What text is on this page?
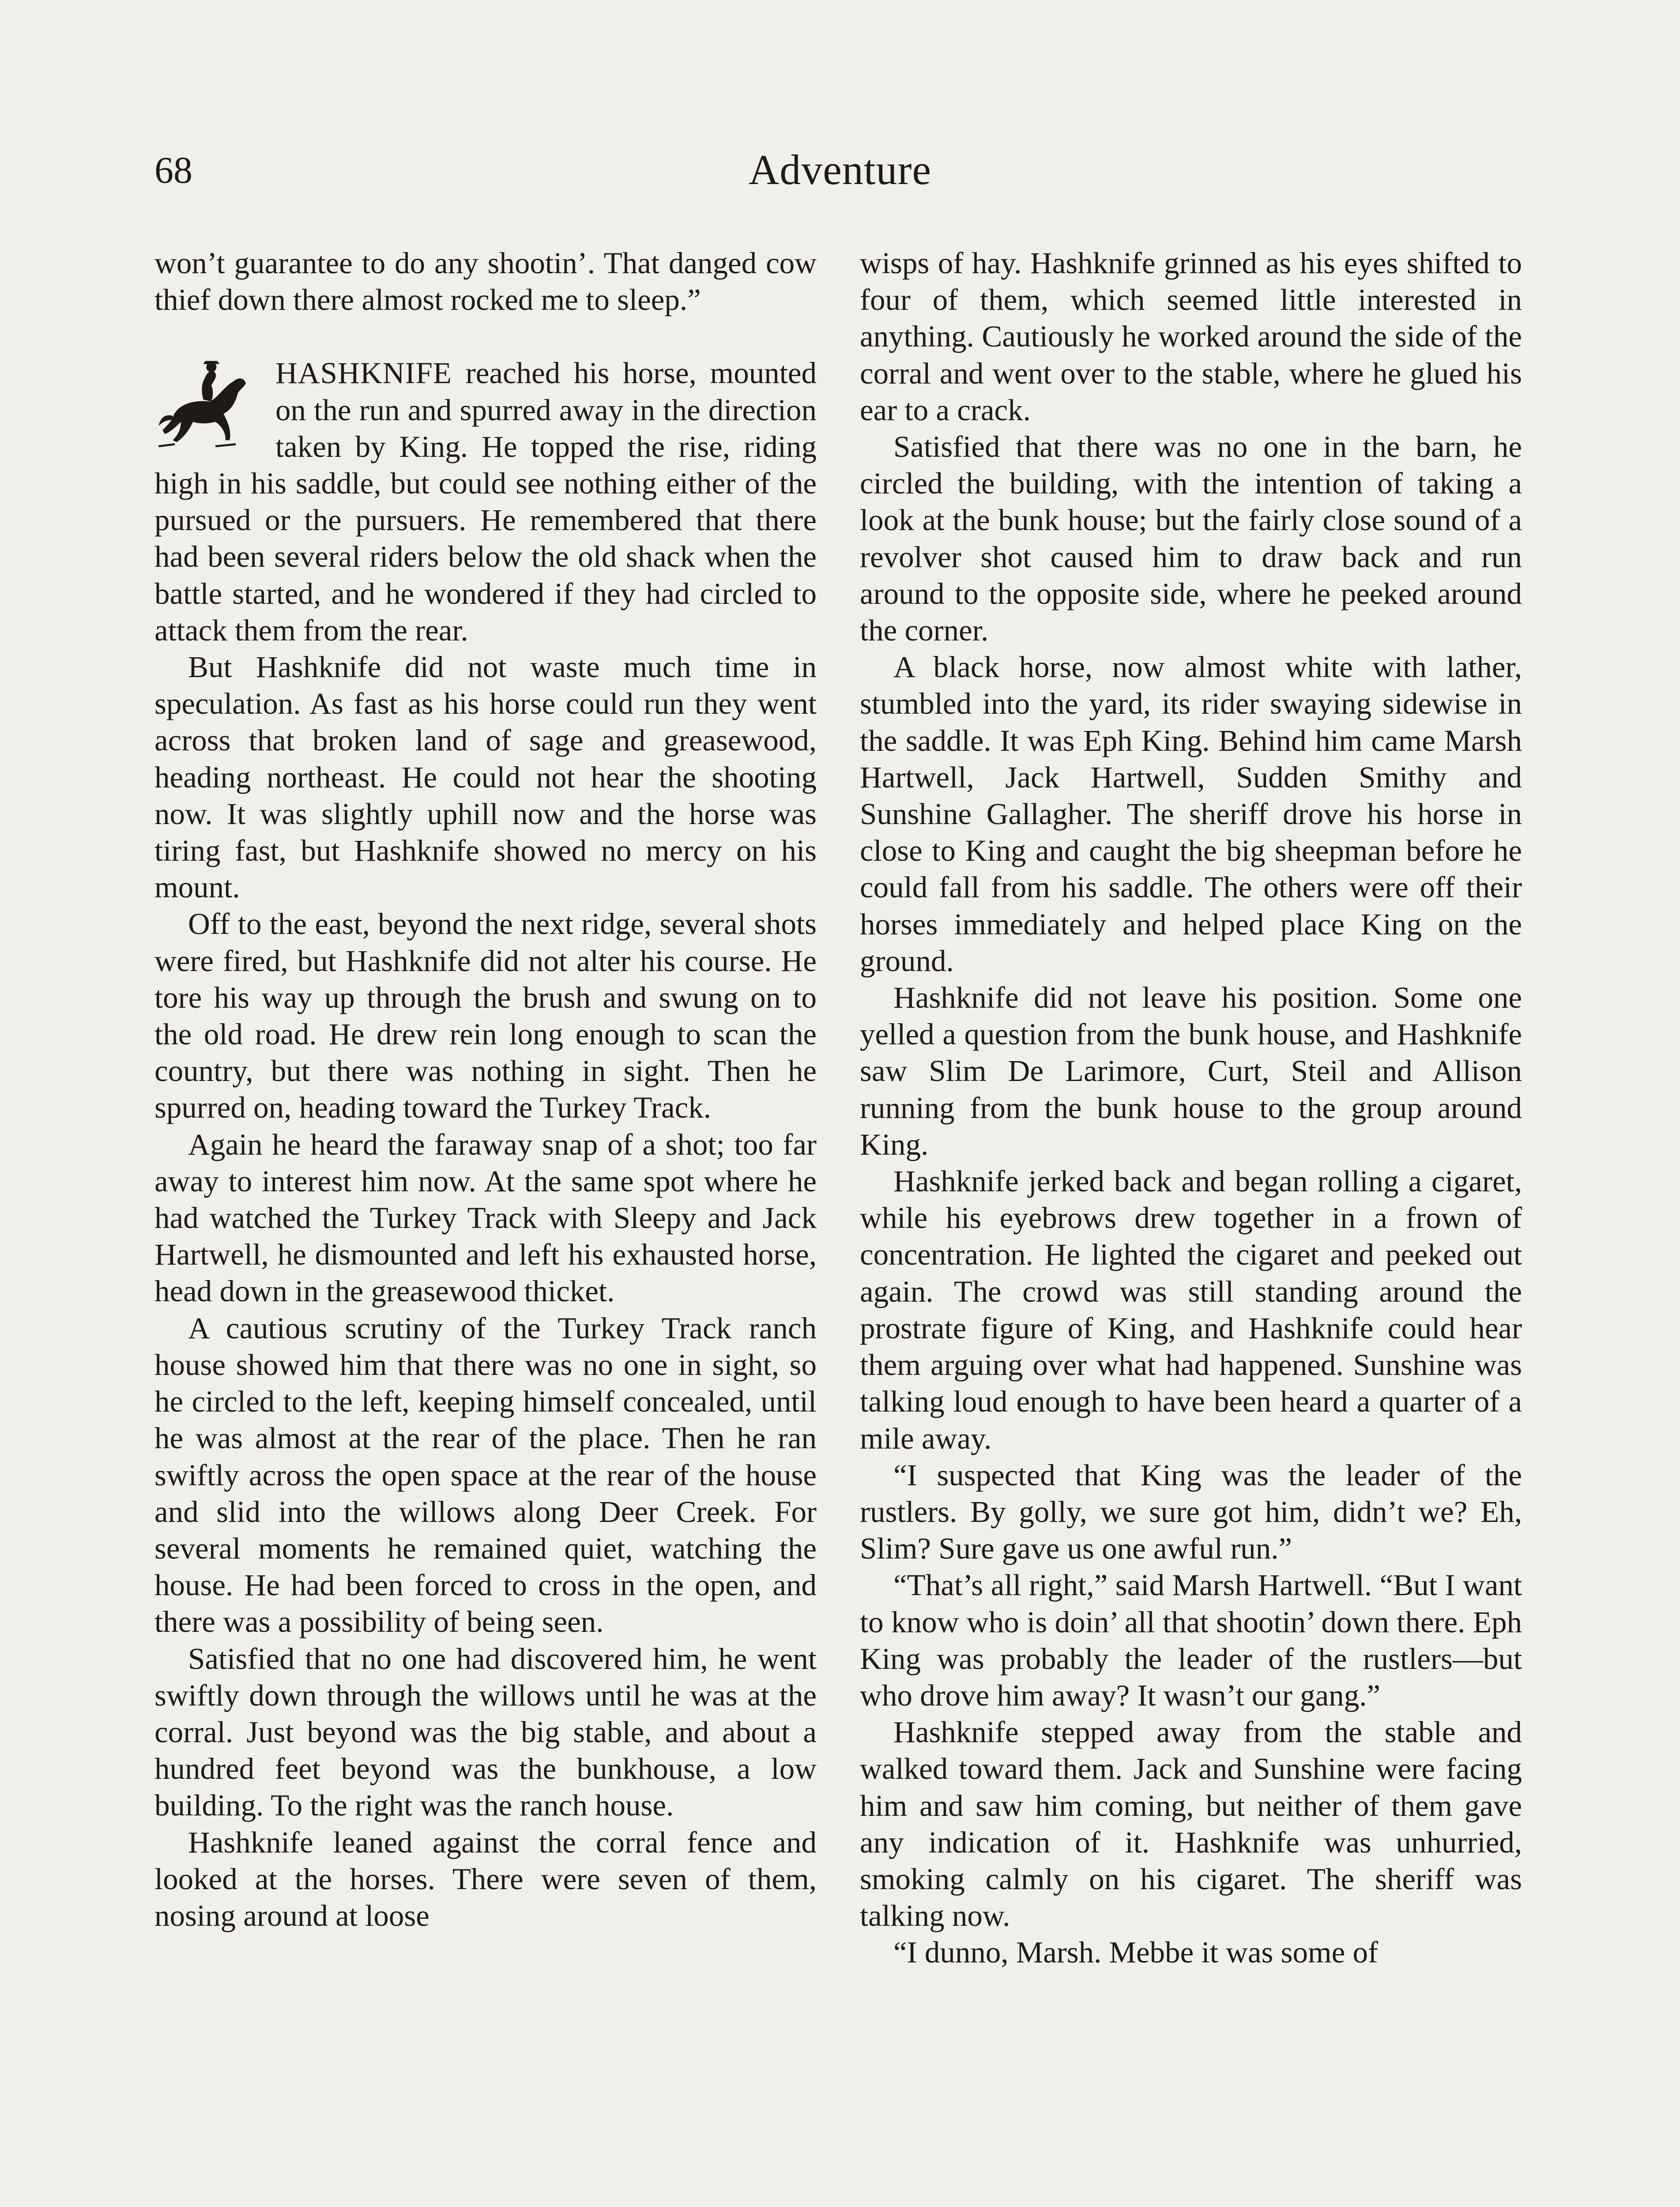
68	Adventure

won’t guarantee to do any shootin’. That danged cow thief down there almost rocked me to sleep.”

HASHKNIFE reached his horse, mounted on the run and spurred away in the direction taken by King. He topped the rise, riding high in his saddle, but could see nothing either of the pursued or the pursuers. He remembered that there had been several riders below the old shack when the battle started, and he wondered if they had circled to attack them from the rear.

But Hashknife did not waste much time in speculation. As fast as his horse could run they went across that broken land of sage and greasewood, heading northeast. He could not hear the shooting now. It was slightly uphill now and the horse was tiring fast, but Hashknife showed no mercy on his mount.

Off to the east, beyond the next ridge, several shots were fired, but Hashknife did not alter his course. He tore his way up through the brush and swung on to the old road. He drew rein long enough to scan the country, but there was nothing in sight. Then he spurred on, heading toward the Turkey Track.

Again he heard the faraway snap of a shot; too far away to interest him now. At the same spot where he had watched the Turkey Track with Sleepy and Jack Hartwell, he dismounted and left his exhausted horse, head down in the greasewood thicket.

A cautious scrutiny of the Turkey Track ranch house showed him that there was no one in sight, so he circled to the left, keeping himself concealed, until he was almost at the rear of the place. Then he ran swiftly across the open space at the rear of the house and slid into the willows along Deer Creek. For several moments he remained quiet, watching the house. He had been forced to cross in the open, and there was a possibility of being seen.

Satisfied that no one had discovered him, he went swiftly down through the willows until he was at the corral. Just beyond was the big stable, and about a hundred feet beyond was the bunkhouse, a low building. To the right was the ranch house.

Hashknife leaned against the corral fence and looked at the horses. There were seven of them, nosing around at loose

wisps of hay. Hashknife grinned as his eyes shifted to four of them, which seemed little interested in anything. Cautiously he worked around the side of the corral and went over to the stable, where he glued his ear to a crack.

Satisfied that there was no one in the barn, he circled the building, with the intention of taking a look at the bunk house; but the fairly close sound of a revolver shot caused him to draw back and run around to the opposite side, where he peeked around the corner.

A black horse, now almost white with lather, stumbled into the yard, its rider swaying sidewise in the saddle. It was Eph King. Behind him came Marsh Hartwell, Jack Hartwell, Sudden Smithy and Sunshine Gallagher. The sheriff drove his horse in close to King and caught the big sheepman before he could fall from his saddle. The others were off their horses immediately and helped place King on the ground.

Hashknife did not leave his position. Some one yelled a question from the bunk house, and Hashknife saw Slim De Larimore, Curt, Steil and Allison running from the bunk house to the group around King.

Hashknife jerked back and began rolling a cigaret, while his eyebrows drew together in a frown of concentration. He lighted the cigaret and peeked out again. The crowd was still standing around the prostrate figure of King, and Hashknife could hear them arguing over what had happened. Sunshine was talking loud enough to have been heard a quarter of a mile away.

“I suspected that King was the leader of the rustlers. By golly, we sure got him, didn’t we? Eh, Slim? Sure gave us one awful run.”

“That’s all right,” said Marsh Hartwell. “But I want to know who is doin’ all that shootin’ down there. Eph King was probably the leader of the rustlers—but who drove him away? It wasn’t our gang.”

Hashknife stepped away from the stable and walked toward them. Jack and Sunshine were facing him and saw him coming, but neither of them gave any indication of it. Hashknife was unhurried, smoking calmly on his cigaret. The sheriff was talking now.

“I dunno, Marsh. Mebbe it was some of
